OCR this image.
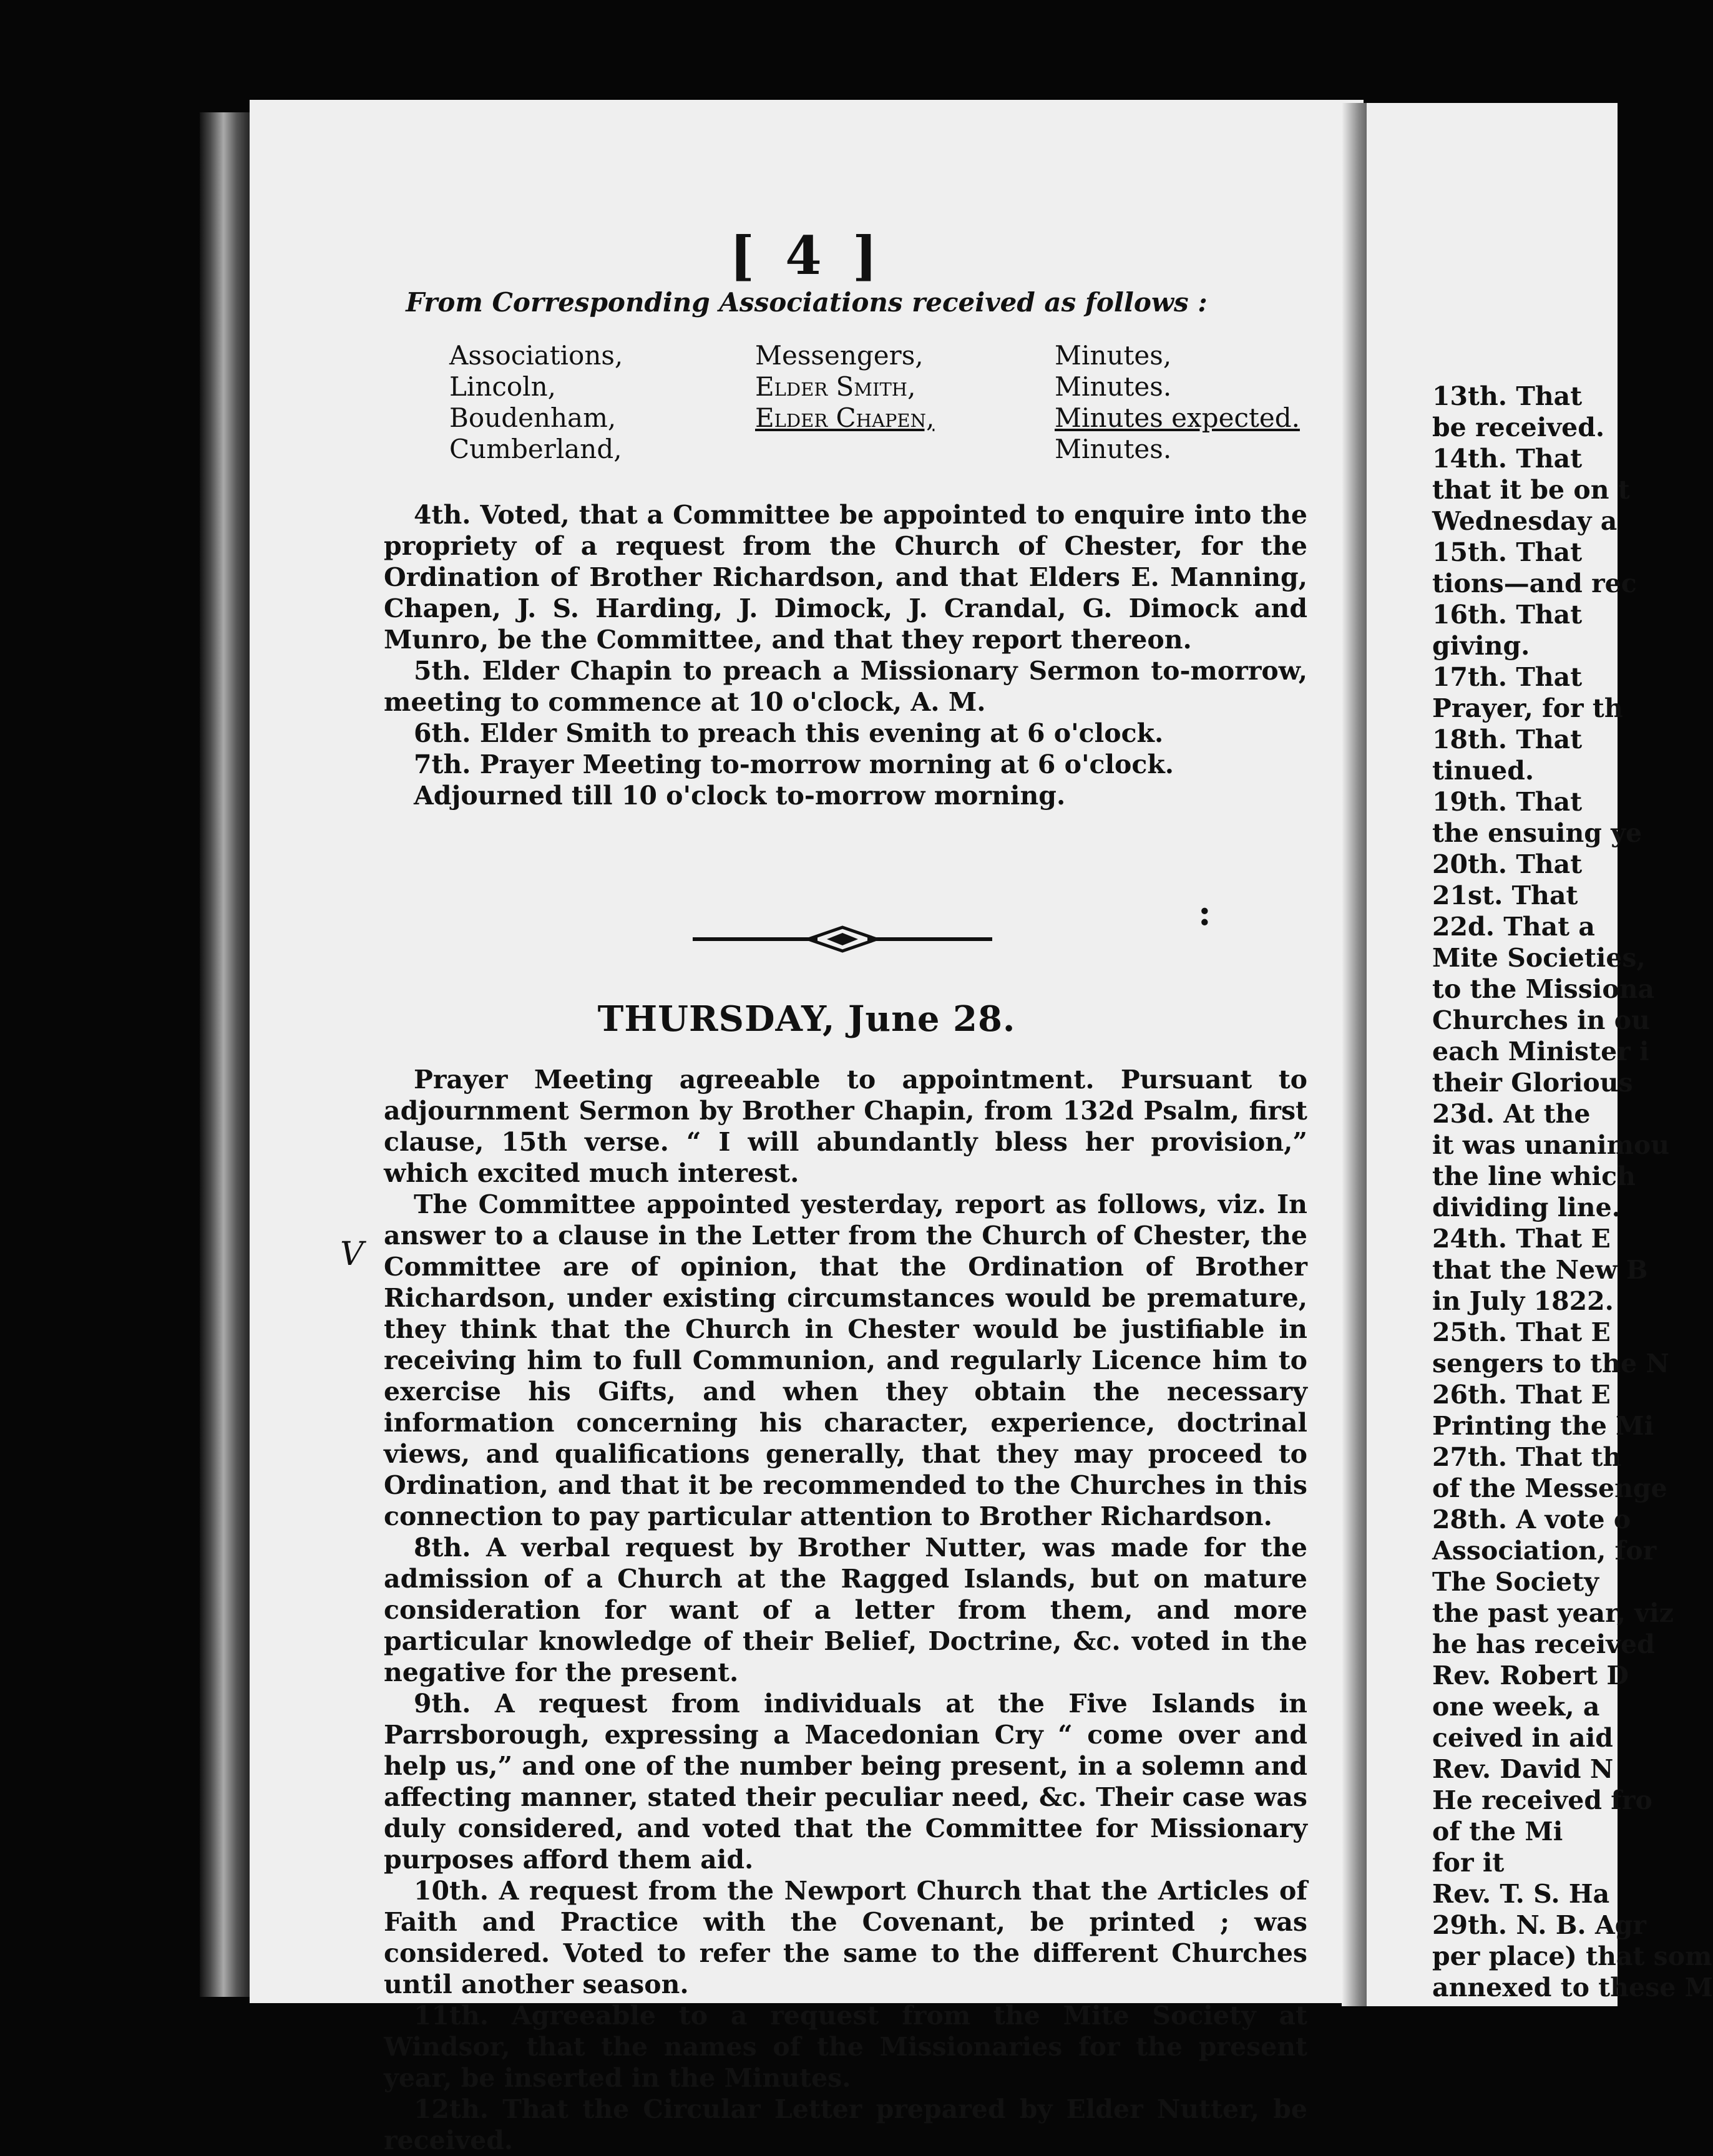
[ 4 ]
From Corresponding Associations received as follows :
Associations,	Messengers,	Minutes,
Lincoln,	Elder Smith,	Minutes.
Boudenham,	Elder Chapen,	Minutes expected.
Cumberland,		Minutes.

4th. Voted, that a Committee be appointed to enquire into the propriety of a request from the Church of Chester, for the Ordination of Brother Richardson, and that Elders E. Manning, Chapen, J. S. Harding, J. Dimock, J. Crandal, G. Dimock and Munro, be the Committee, and that they report thereon.

5th. Elder Chapin to preach a Missionary Sermon to-morrow, meeting to commence at 10 o'clock, A. M.

6th. Elder Smith to preach this evening at 6 o'clock.

7th. Prayer Meeting to-morrow morning at 6 o'clock.

Adjourned till 10 o'clock to-morrow morning.

:
THURSDAY, June 28.
V

Prayer Meeting agreeable to appointment. Pursuant to adjournment Sermon by Brother Chapin, from 132d Psalm, first clause, 15th verse. “ I will abundantly bless her provision,” which excited much interest.

The Committee appointed yesterday, report as follows, viz. In answer to a clause in the Letter from the Church of Chester, the Committee are of opinion, that the Ordination of Brother Richardson, under existing circumstances would be premature, they think that the Church in Chester would be justifiable in receiving him to full Communion, and regularly Licence him to exercise his Gifts, and when they obtain the necessary information concerning his character, experience, doctrinal views, and qualifications generally, that they may proceed to Ordination, and that it be recommended to the Churches in this connection to pay particular attention to Brother Richardson.

8th. A verbal request by Brother Nutter, was made for the admission of a Church at the Ragged Islands, but on mature consideration for want of a letter from them, and more particular knowledge of their Belief, Doctrine, &c. voted in the negative for the present.

9th. A request from individuals at the Five Islands in Parrsborough, expressing a Macedonian Cry “ come over and help us,” and one of the number being present, in a solemn and affecting manner, stated their peculiar need, &c. Their case was duly considered, and voted that the Committee for Missionary purposes afford them aid.

10th. A request from the Newport Church that the Articles of Faith and Practice with the Covenant, be printed ; was considered. Voted to refer the same to the different Churches until another season.

11th. Agreeable to a request from the Mite Society at Windsor, that the names of the Missionaries for the present year, be inserted in the Minutes.

12th. That the Circular Letter prepared by Elder Nutter, be received.

13th. That
be received.
14th. That
that it be on t
Wednesday a
15th. That
tions—and rec
16th. That
giving.
17th. That
Prayer, for th
18th. That
tinued.
19th. That
the ensuing ye
20th. That
21st. That
22d. That a
Mite Societies,
to the Missiona
Churches in ou
each Minister i
their Glorious
23d. At the
it was unanimou
the line which
dividing line.
24th. That E
that the New B
in July 1822.
25th. That E
sengers to the N
26th. That E
Printing the Mi
27th. That th
of the Messenge
28th. A vote o
Association, for
The Society
the past year, viz
he has received
Rev. Robert D
one week, a
ceived in aid
Rev. David N
He received fro
of the Mi
for it
Rev. T. S. Ha
29th. N. B. Agr
per place) that som
annexed to these M
